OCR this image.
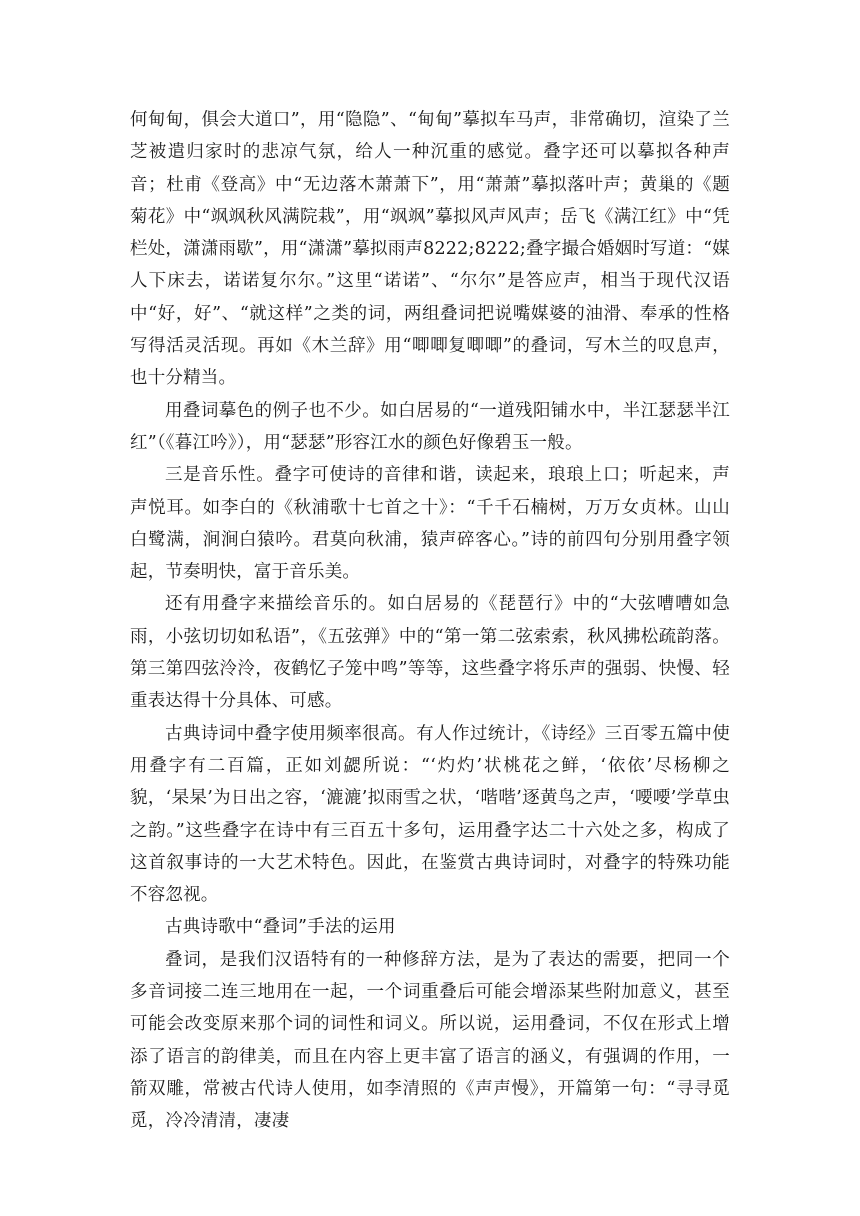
何甸甸，俱会大道口”，用“隐隐”、“甸甸”摹拟车马声，非常确切，渲染了兰芝被遣归家时的悲凉气氛，给人一种沉重的感觉。叠字还可以摹拟各种声音；杜甫《登高》中“无边落木萧萧下”，用“萧萧”摹拟落叶声；黄巢的《题菊花》中“飒飒秋风满院栽”，用“飒飒”摹拟风声风声；岳飞《满江红》中“凭栏处，潇潇雨歇”，用“潇潇”摹拟雨声8222;8222;叠字撮合婚姻时写道：“媒人下床去，诺诺复尔尔。”这里“诺诺”、“尔尔”是答应声，相当于现代汉语中“好，好”、“就这样”之类的词，两组叠词把说嘴媒婆的油滑、奉承的性格写得活灵活现。再如《木兰辞》用“唧唧复唧唧”的叠词，写木兰的叹息声，也十分精当。

用叠词摹色的例子也不少。如白居易的“一道残阳铺水中，半江瑟瑟半江红”（《暮江吟》），用“瑟瑟”形容江水的颜色好像碧玉一般。

三是音乐性。叠字可使诗的音律和谐，读起来，琅琅上口；听起来，声声悦耳。如李白的《秋浦歌十七首之十》：“千千石楠树，万万女贞林。山山白鹭满，涧涧白猿吟。君莫向秋浦，猿声碎客心。”诗的前四句分别用叠字领起，节奏明快，富于音乐美。

还有用叠字来描绘音乐的。如白居易的《琵琶行》中的“大弦嘈嘈如急雨，小弦切切如私语”，《五弦弹》中的“第一第二弦索索，秋风拂松疏韵落。第三第四弦泠泠，夜鹤忆子笼中鸣”等等，这些叠字将乐声的强弱、快慢、轻重表达得十分具体、可感。

古典诗词中叠字使用频率很高。有人作过统计，《诗经》三百零五篇中使用叠字有二百篇，正如刘勰所说：“‘灼灼’状桃花之鲜，‘依依’尽杨柳之貌，‘杲杲’为日出之容，‘漉漉’拟雨雪之状，‘喈喈’逐黄鸟之声，‘喓喓’学草虫之韵。”这些叠字在诗中有三百五十多句，运用叠字达二十六处之多，构成了这首叙事诗的一大艺术特色。因此，在鉴赏古典诗词时，对叠字的特殊功能不容忽视。

古典诗歌中“叠词”手法的运用

叠词，是我们汉语特有的一种修辞方法，是为了表达的需要，把同一个多音词接二连三地用在一起，一个词重叠后可能会增添某些附加意义，甚至可能会改变原来那个词的词性和词义。所以说，运用叠词，不仅在形式上增添了语言的韵律美，而且在内容上更丰富了语言的涵义，有强调的作用，一箭双雕，常被古代诗人使用，如李清照的《声声慢》，开篇第一句：“寻寻觅觅，冷冷清清，凄凄
